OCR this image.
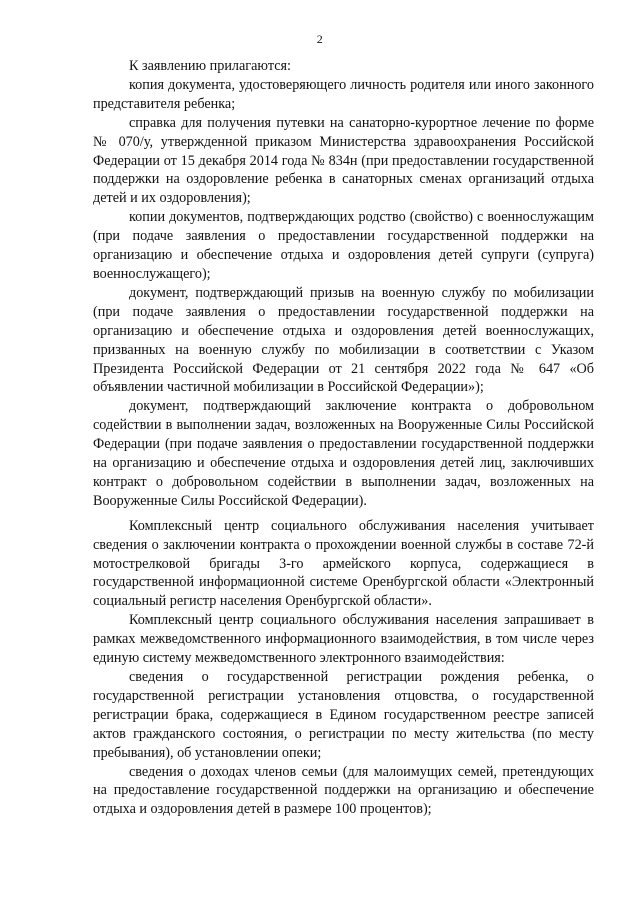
2

К заявлению прилагаются:

копия документа, удостоверяющего личность родителя или иного законного представителя ребенка;

справка для получения путевки на санаторно-курортное лечение по форме № 070/у, утвержденной приказом Министерства здравоохранения Российской Федерации от 15 декабря 2014 года № 834н (при предоставлении государственной поддержки на оздоровление ребенка в санаторных сменах организаций отдыха детей и их оздоровления);

копии документов, подтверждающих родство (свойство) с военнослужащим (при подаче заявления о предоставлении государственной поддержки на организацию и обеспечение отдыха и оздоровления детей супруги (супруга) военнослужащего);

документ, подтверждающий призыв на военную службу по мобилизации (при подаче заявления о предоставлении государственной поддержки на организацию и обеспечение отдыха и оздоровления детей военнослужащих, призванных на военную службу по мобилизации в соответствии с Указом Президента Российской Федерации от 21 сентября 2022 года № 647 «Об объявлении частичной мобилизации в Российской Федерации»);

документ, подтверждающий заключение контракта о добровольном содействии в выполнении задач, возложенных на Вооруженные Силы Российской Федерации (при подаче заявления о предоставлении государственной поддержки на организацию и обеспечение отдыха и оздоровления детей лиц, заключивших контракт о добровольном содействии в выполнении задач, возложенных на Вооруженные Силы Российской Федерации).

Комплексный центр социального обслуживания населения учитывает сведения о заключении контракта о прохождении военной службы в составе 72-й мотострелковой бригады 3-го армейского корпуса, содержащиеся в государственной информационной системе Оренбургской области «Электронный социальный регистр населения Оренбургской области».

Комплексный центр социального обслуживания населения запрашивает в рамках межведомственного информационного взаимодействия, в том числе через единую систему межведомственного электронного взаимодействия:

сведения о государственной регистрации рождения ребенка, о государственной регистрации установления отцовства, о государственной регистрации брака, содержащиеся в Едином государственном реестре записей актов гражданского состояния, о регистрации по месту жительства (по месту пребывания), об установлении опеки;

сведения о доходах членов семьи (для малоимущих семей, претендующих на предоставление государственной поддержки на организацию и обеспечение отдыха и оздоровления детей в размере 100 процентов);
